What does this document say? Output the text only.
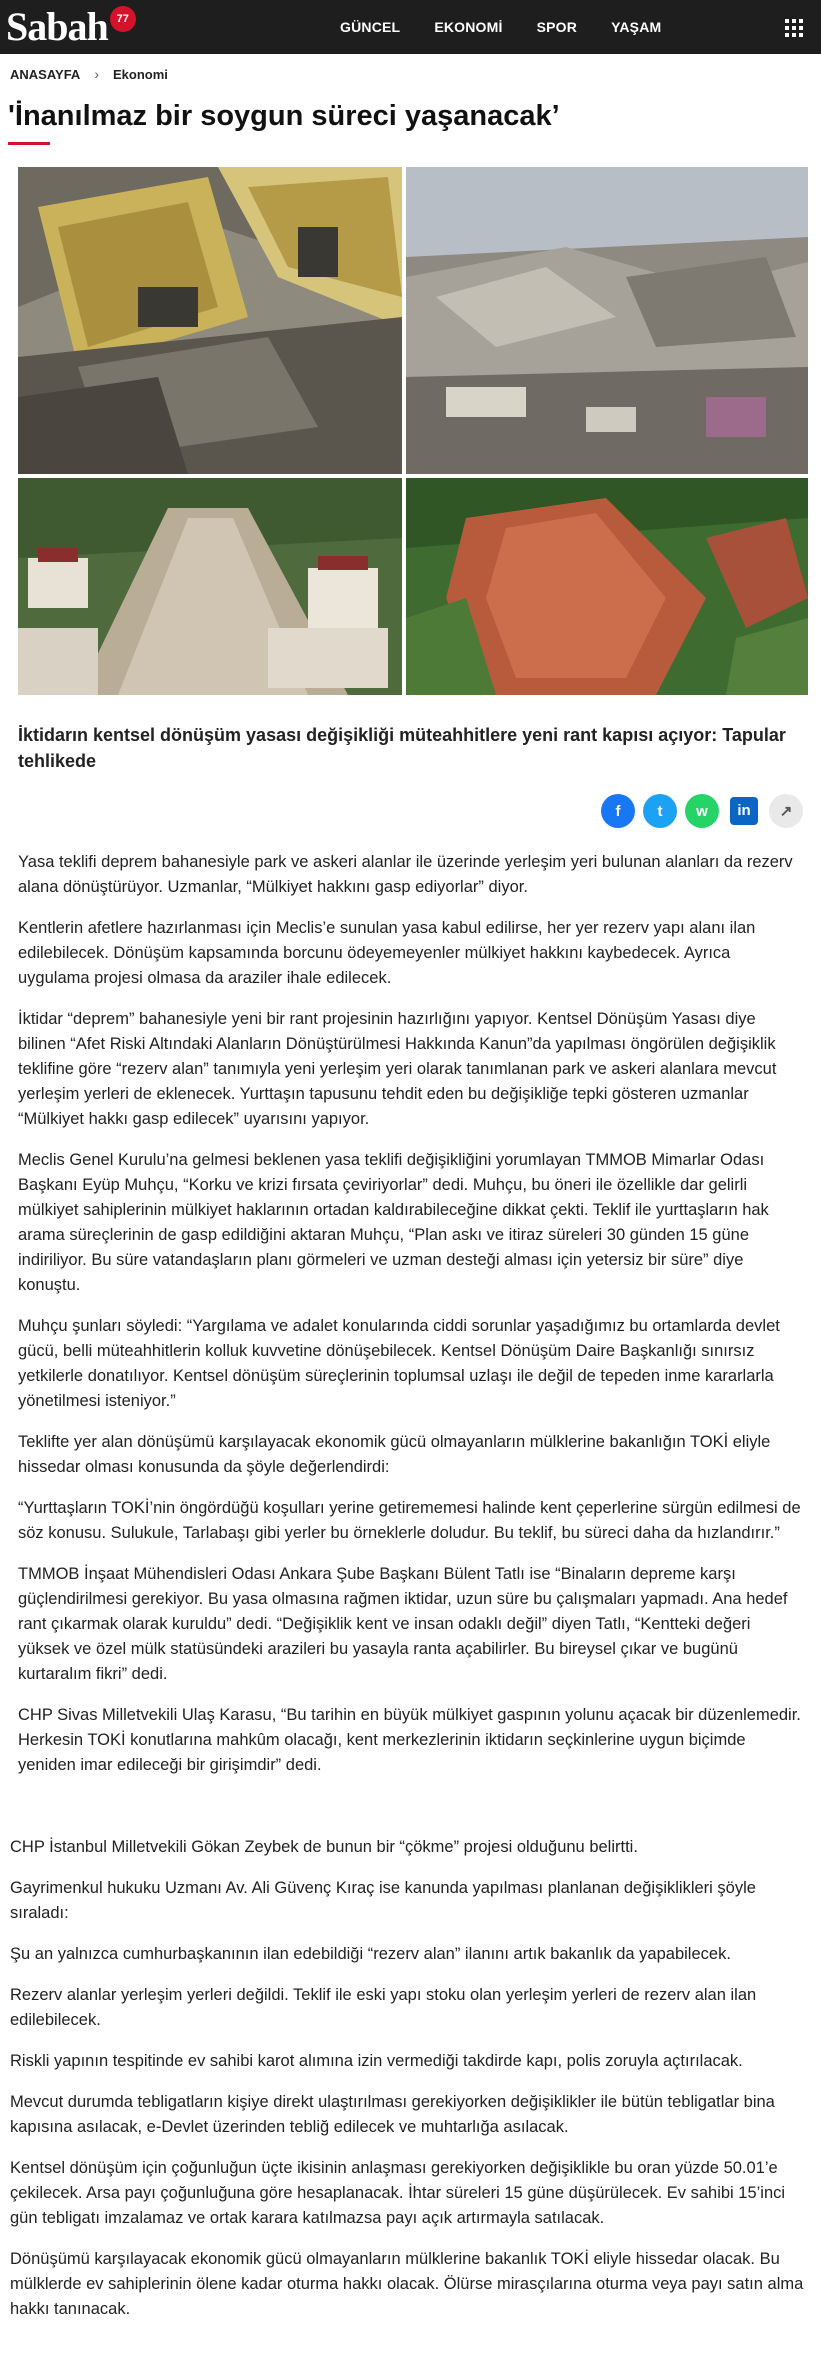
Sabah 77	GÜNCEL EKONOMİ SPOR YAŞAM
ANASAYFA › Ekonomi
'İnanılmaz bir soygun süreci yaşanacak’
İktidarın kentsel dönüşüm yasası değişikliği müteahhitlere yeni rant kapısı açıyor: Tapular tehlikede
f	t	w	in	↗

Yasa teklifi deprem bahanesiyle park ve askeri alanlar ile üzerinde yerleşim yeri bulunan alanları da rezerv alana dönüştürüyor. Uzmanlar, “Mülkiyet hakkını gasp ediyorlar” diyor.

Kentlerin afetlere hazırlanması için Meclis’e sunulan yasa kabul edilirse, her yer rezerv yapı alanı ilan edilebilecek. Dönüşüm kapsamında borcunu ödeyemeyenler mülkiyet hakkını kaybedecek. Ayrıca uygulama projesi olmasa da araziler ihale edilecek.

İktidar “deprem” bahanesiyle yeni bir rant projesinin hazırlığını yapıyor. Kentsel Dönüşüm Yasası diye bilinen “Afet Riski Altındaki Alanların Dönüştürülmesi Hakkında Kanun”da yapılması öngörülen değişiklik teklifine göre “rezerv alan” tanımıyla yeni yerleşim yeri olarak tanımlanan park ve askeri alanlara mevcut yerleşim yerleri de eklenecek. Yurttaşın tapusunu tehdit eden bu değişikliğe tepki gösteren uzmanlar “Mülkiyet hakkı gasp edilecek” uyarısını yapıyor.

Meclis Genel Kurulu’na gelmesi beklenen yasa teklifi değişikliğini yorumlayan TMMOB Mimarlar Odası Başkanı Eyüp Muhçu, “Korku ve krizi fırsata çeviriyorlar” dedi. Muhçu, bu öneri ile özellikle dar gelirli mülkiyet sahiplerinin mülkiyet haklarının ortadan kaldırabileceğine dikkat çekti. Teklif ile yurttaşların hak arama süreçlerinin de gasp edildiğini aktaran Muhçu, “Plan askı ve itiraz süreleri 30 günden 15 güne indiriliyor. Bu süre vatandaşların planı görmeleri ve uzman desteği alması için yetersiz bir süre” diye konuştu.

Muhçu şunları söyledi: “Yargılama ve adalet konularında ciddi sorunlar yaşadığımız bu ortamlarda devlet gücü, belli müteahhitlerin kolluk kuvvetine dönüşebilecek. Kentsel Dönüşüm Daire Başkanlığı sınırsız yetkilerle donatılıyor. Kentsel dönüşüm süreçlerinin toplumsal uzlaşı ile değil de tepeden inme kararlarla yönetilmesi isteniyor.”

Teklifte yer alan dönüşümü karşılayacak ekonomik gücü olmayanların mülklerine bakanlığın TOKİ eliyle hissedar olması konusunda da şöyle değerlendirdi:

“Yurttaşların TOKİ’nin öngördüğü koşulları yerine getirememesi halinde kent çeperlerine sürgün edilmesi de söz konusu. Sulukule, Tarlabaşı gibi yerler bu örneklerle doludur. Bu teklif, bu süreci daha da hızlandırır.”

TMMOB İnşaat Mühendisleri Odası Ankara Şube Başkanı Bülent Tatlı ise “Binaların depreme karşı güçlendirilmesi gerekiyor. Bu yasa olmasına rağmen iktidar, uzun süre bu çalışmaları yapmadı. Ana hedef rant çıkarmak olarak kuruldu” dedi. “Değişiklik kent ve insan odaklı değil” diyen Tatlı, “Kentteki değeri yüksek ve özel mülk statüsündeki arazileri bu yasayla ranta açabilirler. Bu bireysel çıkar ve bugünü kurtaralım fikri” dedi.

CHP Sivas Milletvekili Ulaş Karasu, “Bu tarihin en büyük mülkiyet gaspının yolunu açacak bir düzenlemedir. Herkesin TOKİ konutlarına mahkûm olacağı, kent merkezlerinin iktidarın seçkinlerine uygun biçimde yeniden imar edileceği bir girişimdir” dedi.

CHP İstanbul Milletvekili Gökan Zeybek de bunun bir “çökme” projesi olduğunu belirtti.

Gayrimenkul hukuku Uzmanı Av. Ali Güvenç Kıraç ise kanunda yapılması planlanan değişiklikleri şöyle sıraladı:

Şu an yalnızca cumhurbaşkanının ilan edebildiği “rezerv alan” ilanını artık bakanlık da yapabilecek.

Rezerv alanlar yerleşim yerleri değildi. Teklif ile eski yapı stoku olan yerleşim yerleri de rezerv alan ilan edilebilecek.

Riskli yapının tespitinde ev sahibi karot alımına izin vermediği takdirde kapı, polis zoruyla açtırılacak.

Mevcut durumda tebligatların kişiye direkt ulaştırılması gerekiyorken değişiklikler ile bütün tebligatlar bina kapısına asılacak, e-Devlet üzerinden tebliğ edilecek ve muhtarlığa asılacak.

Kentsel dönüşüm için çoğunluğun üçte ikisinin anlaşması gerekiyorken değişiklikle bu oran yüzde 50.01’e çekilecek. Arsa payı çoğunluğuna göre hesaplanacak. İhtar süreleri 15 güne düşürülecek. Ev sahibi 15’inci gün tebligatı imzalamaz ve ortak karara katılmazsa payı açık artırmayla satılacak.

Dönüşümü karşılayacak ekonomik gücü olmayanların mülklerine bakanlık TOKİ eliyle hissedar olacak. Bu mülklerde ev sahiplerinin ölene kadar oturma hakkı olacak. Ölürse mirasçılarına oturma veya payı satın alma hakkı tanınacak.
